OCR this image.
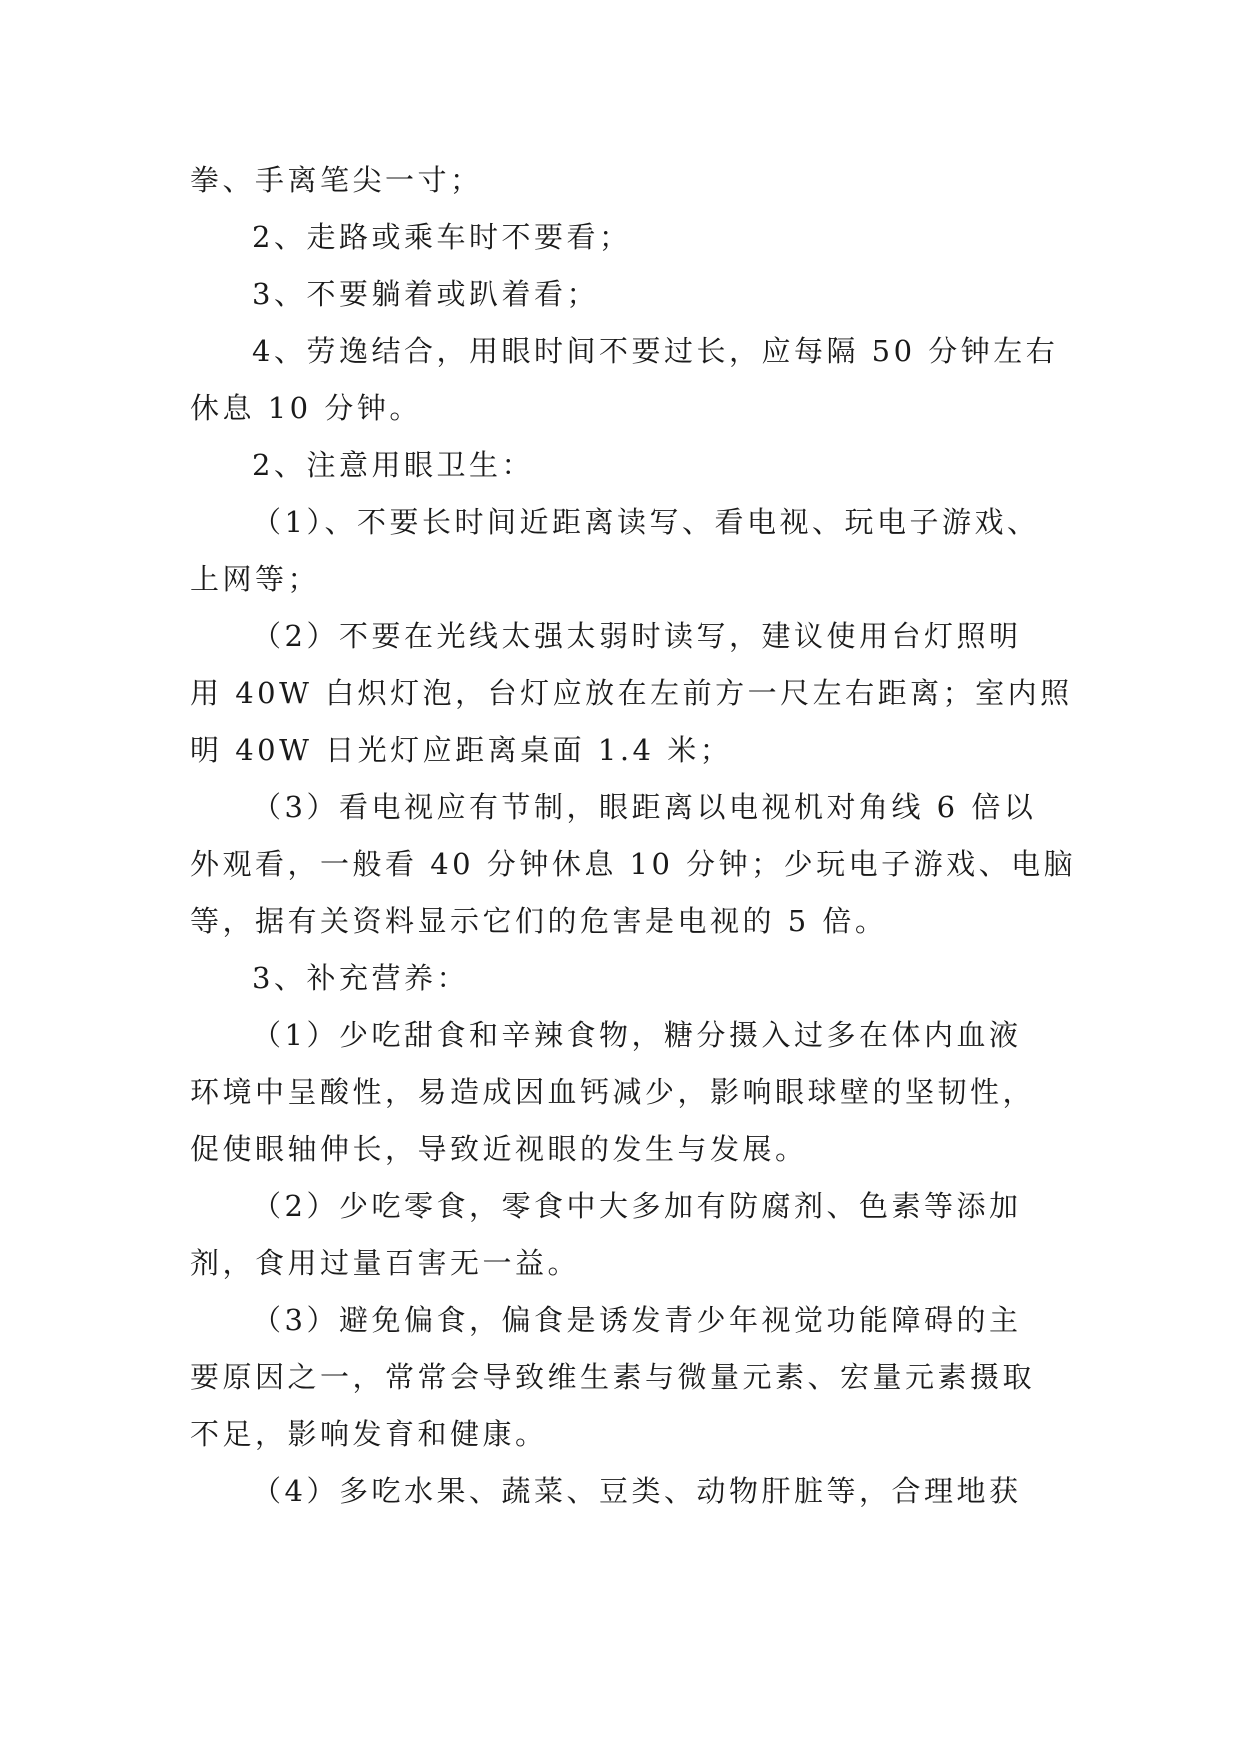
拳、手离笔尖一寸；
2、走路或乘车时不要看；
3、不要躺着或趴着看；
4、劳逸结合，用眼时间不要过长，应每隔 50 分钟左右
休息 10 分钟。
2、注意用眼卫生：
（1）、不要长时间近距离读写、看电视、玩电子游戏、
上网等；
（2）不要在光线太强太弱时读写，建议使用台灯照明
用 40W 白炽灯泡，台灯应放在左前方一尺左右距离；室内照
明 40W 日光灯应距离桌面 1.4 米；
（3）看电视应有节制，眼距离以电视机对角线 6 倍以
外观看，一般看 40 分钟休息 10 分钟；少玩电子游戏、电脑
等，据有关资料显示它们的危害是电视的 5 倍。
3、补充营养：
（1）少吃甜食和辛辣食物，糖分摄入过多在体内血液
环境中呈酸性，易造成因血钙减少，影响眼球壁的坚韧性，
促使眼轴伸长，导致近视眼的发生与发展。
（2）少吃零食，零食中大多加有防腐剂、色素等添加
剂，食用过量百害无一益。
（3）避免偏食，偏食是诱发青少年视觉功能障碍的主
要原因之一，常常会导致维生素与微量元素、宏量元素摄取
不足，影响发育和健康。
（4）多吃水果、蔬菜、豆类、动物肝脏等，合理地获
